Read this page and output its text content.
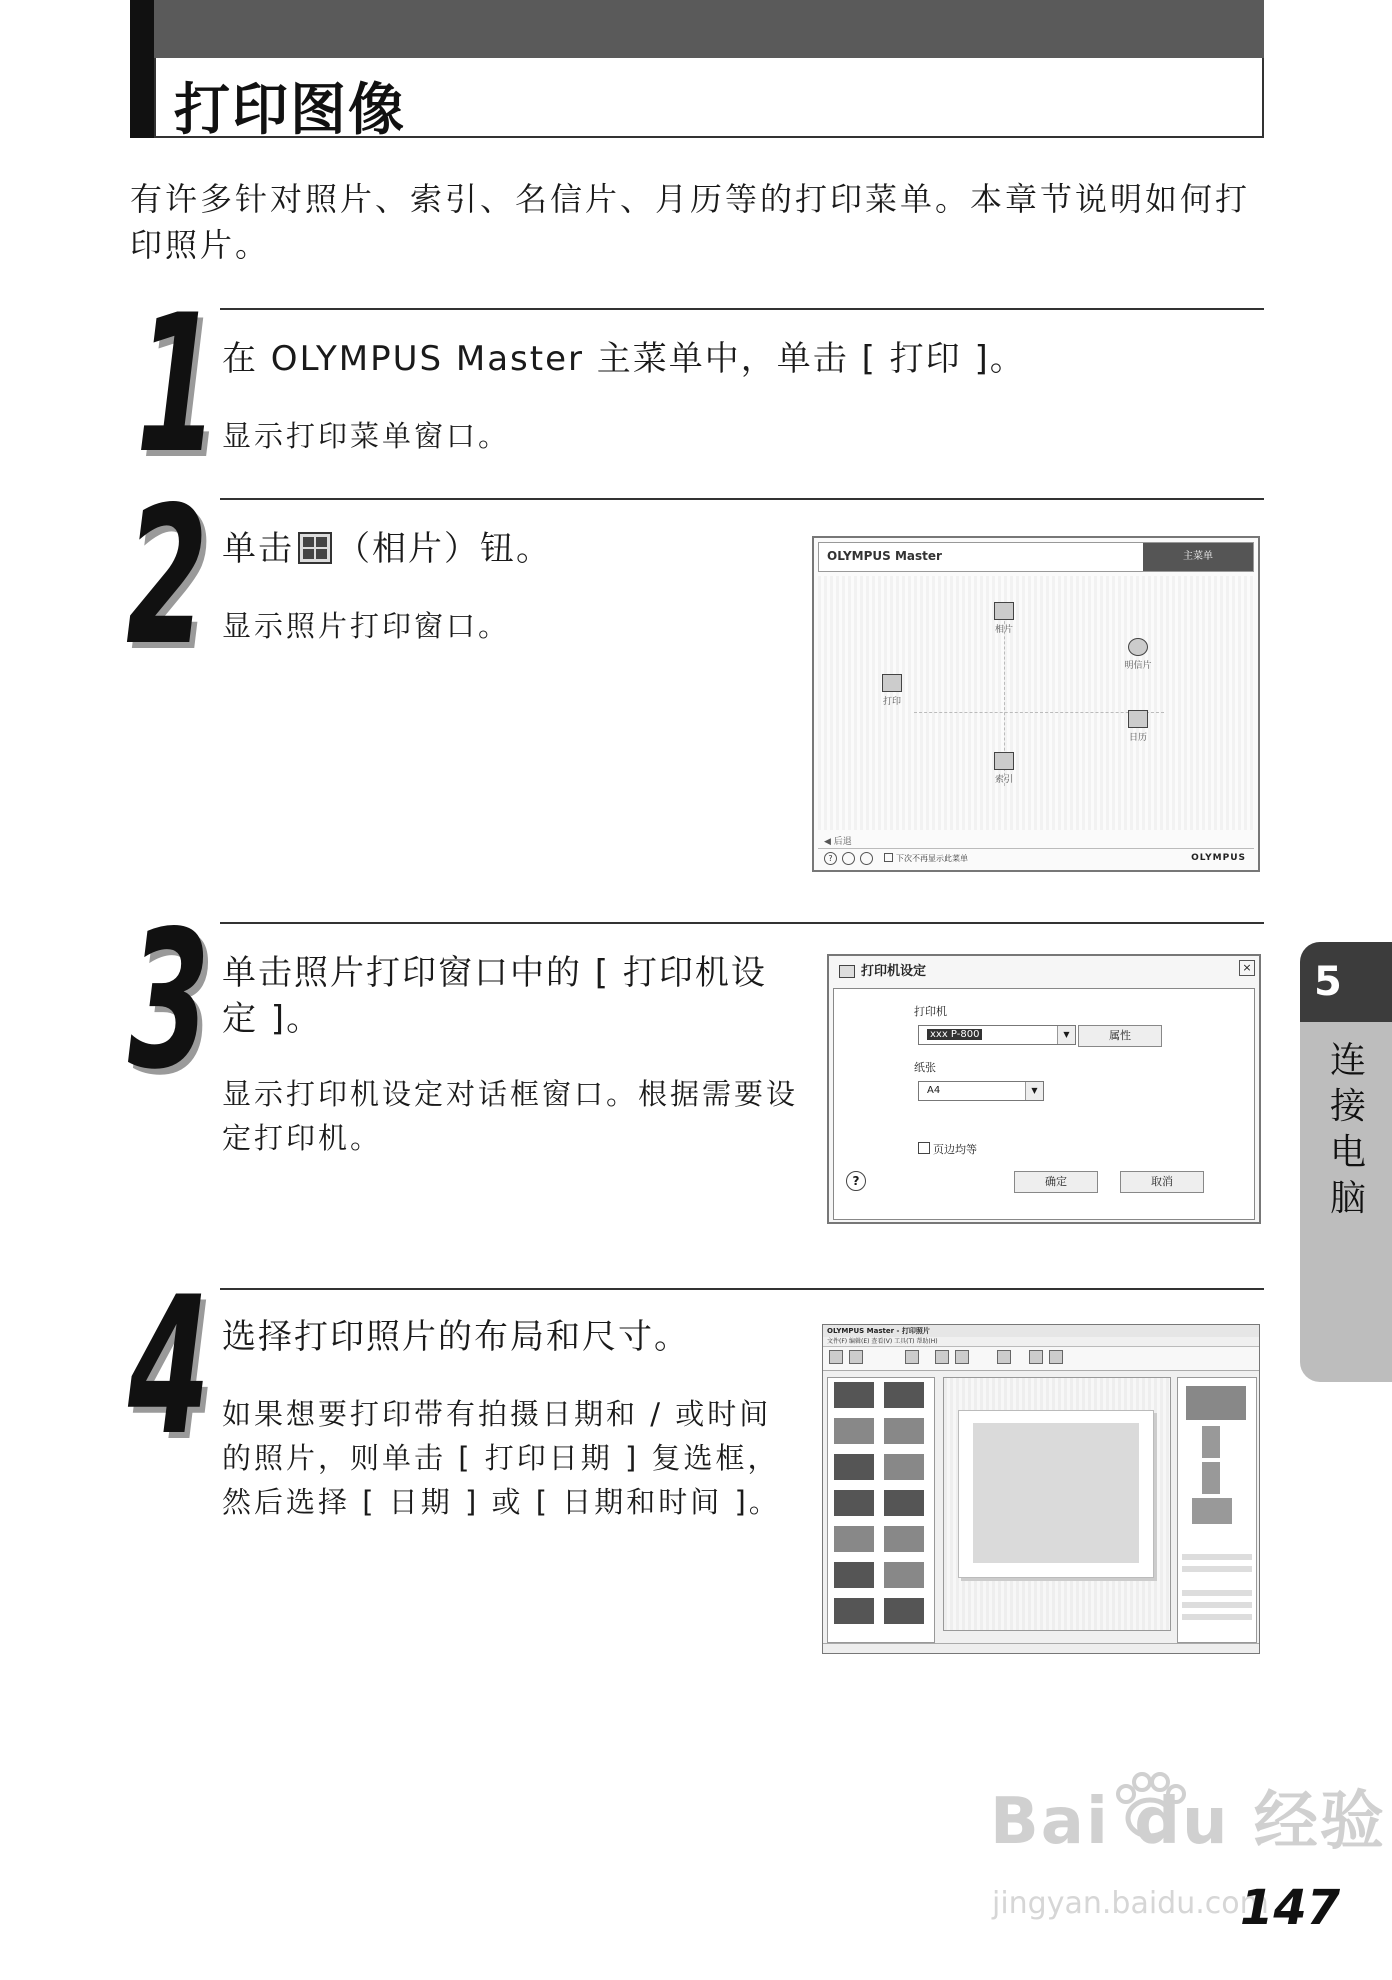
打印图像
有许多针对照片、索引、名信片、月历等的打印菜单。本章节说明如何打印照片。
1 在 OLYMPUS Master 主菜单中，单击 [ 打印 ]。
显示打印菜单窗口。
2 单击 （相片）钮。
显示照片打印窗口。
OLYMPUS Master	主菜单
相片
明信片
打印
日历
索引
◀ 后退
?	下次不再显示此菜单	OLYMPUS
3 单击照片打印窗口中的 [ 打印机设定 ]。
显示打印机设定对话框窗口。根据需要设定打印机。
打印机设定	×
打印机
xxx P-800	▼	属性
纸张
A4	▼
页边均等
?	确定	取消
4 选择打印照片的布局和尺寸。
如果想要打印带有拍摄日期和 / 或时间的照片，则单击 [ 打印日期 ] 复选框，然后选择 [ 日期 ] 或 [ 日期和时间 ]。
OLYMPUS Master - 打印照片
文件(F) 编辑(E) 查看(V) 工具(T) 帮助(H)
5
连接电脑
Bai du 经验
jingyan.baidu.com
147
